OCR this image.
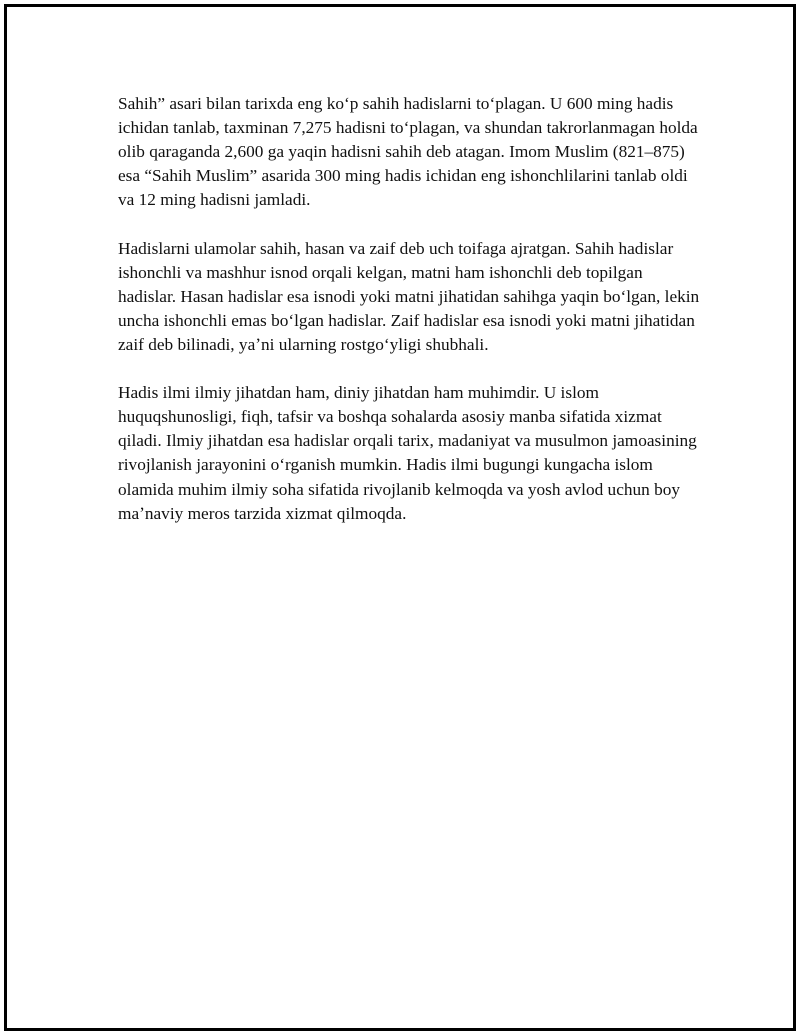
Sahih” asari bilan tarixda eng koʻp sahih hadislarni toʻplagan. U 600 ming hadis ichidan tanlab, taxminan 7,275 hadisni toʻplagan, va shundan takrorlanmagan holda olib qaraganda 2,600 ga yaqin hadisni sahih deb atagan. Imom Muslim (821–875) esa “Sahih Muslim” asarida 300 ming hadis ichidan eng ishonchlilarini tanlab oldi va 12 ming hadisni jamladi.

Hadislarni ulamolar sahih, hasan va zaif deb uch toifaga ajratgan. Sahih hadislar ishonchli va mashhur isnod orqali kelgan, matni ham ishonchli deb topilgan hadislar. Hasan hadislar esa isnodi yoki matni jihatidan sahihga yaqin boʻlgan, lekin uncha ishonchli emas boʻlgan hadislar. Zaif hadislar esa isnodi yoki matni jihatidan zaif deb bilinadi, yaʼni ularning rostgoʻyligi shubhali.

Hadis ilmi ilmiy jihatdan ham, diniy jihatdan ham muhimdir. U islom huquqshunosligi, fiqh, tafsir va boshqa sohalarda asosiy manba sifatida xizmat qiladi. Ilmiy jihatdan esa hadislar orqali tarix, madaniyat va musulmon jamoasining rivojlanish jarayonini oʻrganish mumkin. Hadis ilmi bugungi kungacha islom olamida muhim ilmiy soha sifatida rivojlanib kelmoqda va yosh avlod uchun boy maʼnaviy meros tarzida xizmat qilmoqda.
